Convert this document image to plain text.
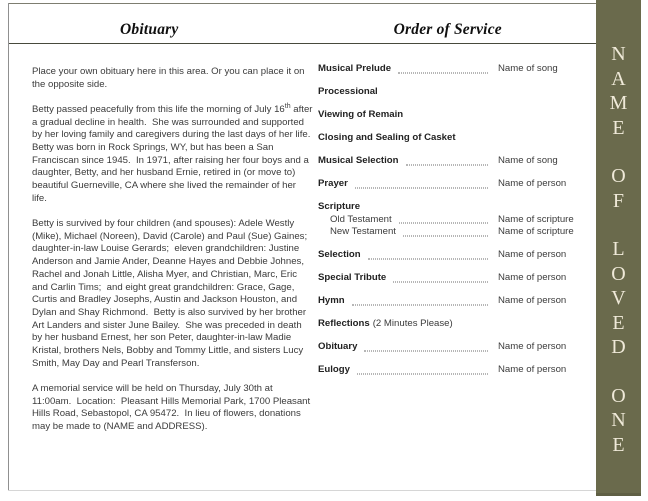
Obituary	Order of Service

Place your own obituary here in this area. Or you can place it on the opposite side.

Betty passed peacefully from this life the morning of July 16th after a gradual decline in health.  She was surrounded and supported by her loving family and caregivers during the last days of her life.  Betty was born in Rock Springs, WY, but has been a San Franciscan since 1945.  In 1971, after raising her four boys and a daughter, Betty, and her husband Ernie, retired in (or move to) beautiful Guerneville, CA where she lived the remainder of her life.

Betty is survived by four children (and spouses): Adele Westly (Mike), Michael (Noreen), David (Carole) and Paul (Sue) Gaines;  daughter-in-law Louise Gerards;  eleven grandchildren: Justine Anderson and Jamie Ander, Deanne Hayes and Debbie Johnes, Rachel and Jonah Little, Alisha Myer, and Christian, Marc, Eric and Carlin Tims;  and eight great grandchildren: Grace, Gage, Curtis and Bradley Josephs, Austin and Jackson Houston, and Dylan and Shay Richmond.  Betty is also survived by her brother Art Landers and sister June Bailey.  She was preceded in death by her husband Ernest, her son Peter, daughter-in-law Madie Kristal, brothers Nels, Bobby and Tommy Little, and sisters Lucy Smith, May Day and Pearl Transferson.

A memorial service will be held on Thursday, July 30th at 11:00am.  Location:  Pleasant Hills Memorial Park, 1700 Pleasant Hills Road, Sebastopol, CA 95472.  In lieu of flowers, donations may be made to (NAME and ADDRESS).

Musical Prelude	Name of song
Processional
Viewing of Remain
Closing and Sealing of Casket
Musical Selection	Name of song
Prayer	Name of person
Scripture
Old Testament	Name of scripture
New Testament	Name of scripture
Selection	Name of person
Special Tribute	Name of person
Hymn	Name of person
Reflections (2 Minutes Please)
Obituary	Name of person
Eulogy	Name of person
N
A
M
E
O
F
L
O
V
E
D
O
N
E
